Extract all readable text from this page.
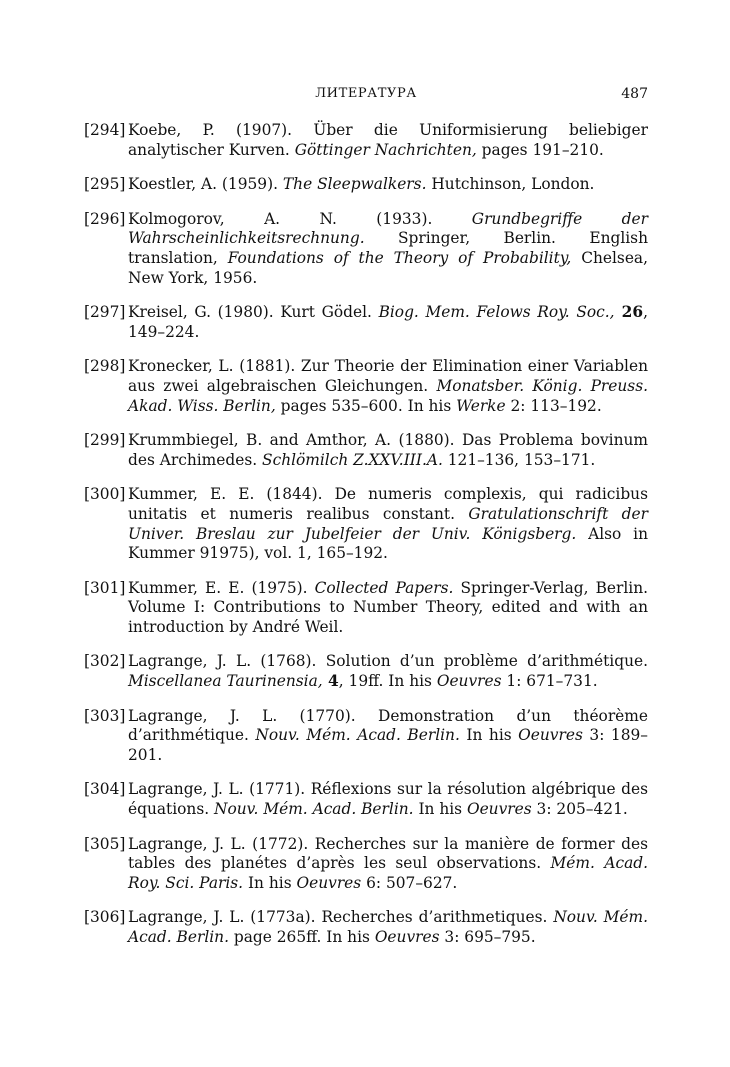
ЛИТЕРАТУРА	487
[294] Koebe, P. (1907). Über die Uniformisierung beliebiger analytischer Kurven. Göttinger Nachrichten, pages 191–210.
[295] Koestler, A. (1959). The Sleepwalkers. Hutchinson, London.
[296] Kolmogorov,	A. N.	(1933).	Grundbegriffe	der
Wahrscheinlichkeitsrechnung. Springer, Berlin. English translation, Foundations of the Theory of Probability, Chelsea, New York, 1956.
[297] Kreisel, G. (1980). Kurt Gödel. Biog. Mem. Felows Roy. Soc., 26, 149–224.
[298] Kronecker, L. (1881). Zur Theorie der Elimination einer Variablen aus zwei algebraischen Gleichungen. Monatsber. König. Preuss. Akad. Wiss. Berlin, pages 535–600. In his Werke 2: 113–192.
[299] Krummbiegel, B. and Amthor, A. (1880). Das Problema bovinum des Archimedes. Schlömilch Z.XXV.III.A. 121–136, 153–171.
[300] Kummer, E. E. (1844). De numeris complexis, qui radicibus unitatis et numeris realibus constant. Gratulationschrift der Univer. Breslau zur Jubelfeier der Univ. Königsberg. Also in Kummer 91975), vol. 1, 165–192.
[301] Kummer, E. E. (1975). Collected Papers. Springer-Verlag, Berlin. Volume I: Contributions to Number Theory, edited and with an introduction by André Weil.
[302] Lagrange, J. L. (1768). Solution d’un problème d’arithmétique. Miscellanea Taurinensia, 4, 19ff. In his Oeuvres 1: 671–731.
[303] Lagrange, J. L. (1770). Demonstration d’un théorème d’arithmétique. Nouv. Mém. Acad. Berlin. In his Oeuvres 3: 189–201.
[304] Lagrange, J. L. (1771). Réflexions sur la résolution algébrique des équations. Nouv. Mém. Acad. Berlin. In his Oeuvres 3: 205–421.
[305] Lagrange, J. L. (1772). Recherches sur la manière de former des tables des planétes d’après les seul observations. Mém. Acad. Roy. Sci. Paris. In his Oeuvres 6: 507–627.
[306] Lagrange, J. L. (1773a). Recherches d’arithmetiques. Nouv. Mém. Acad. Berlin. page 265ff. In his Oeuvres 3: 695–795.
